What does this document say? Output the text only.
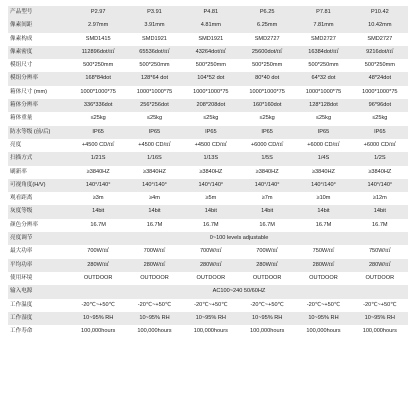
产品型号	P2.97	P3.91	P4.81	P6.25	P7.81	P10.42
像素间距	2.97mm	3.91mm	4.81mm	6.25mm	7.81mm	10.42mm
像素构成	SMD1415	SMD1921	SMD1921	SMD2727	SMD2727	SMD2727
像素密度	112896dot/㎡	65536dot/㎡	43264dot/㎡	25600dot/㎡	16384dot/㎡	9216dot/㎡
模组尺寸	500*250mm	500*250mm	500*250mm	500*250mm	500*250mm	500*250mm
模组分辨率	168*84dot	128*64 dot	104*52 dot	80*40 dot	64*32 dot	48*24dot
箱体尺寸 (mm)	1000*1000*75	1000*1000*75	1000*1000*75	1000*1000*75	1000*1000*75	1000*1000*75
箱体分辨率	336*336dot	256*256dot	208*208dot	160*160dot	128*128dot	96*96dot
箱体重量	≤25kg	≤25kg	≤25kg	≤25kg	≤25kg	≤25kg
防水等级 (前/后)	IP65	IP65	IP65	IP65	IP65	IP65
亮度	+4500 CD/㎡	+4500 CD/㎡	+4500 CD/㎡	+6000 CD/㎡	+6000 CD/㎡	+6000 CD/㎡
扫描方式	1/21S	1/16S	1/13S	1/5S	1/4S	1/2S
刷新率	≥3840HZ	≥3840HZ	≥3840HZ	≥3840HZ	≥3840HZ	≥3840HZ
可视角度(H/V)	140°/140°	140°/140°	140°/140°	140°/140°	140°/140°	140°/140°
观看距离	≥3m	≥4m	≥5m	≥7m	≥10m	≥12m
灰度等级	14bit	14bit	14bit	14bit	14bit	14bit
颜色分辨率	16.7M	16.7M	16.7M	16.7M	16.7M	16.7M
亮度调节	0~100 levels adjustable					
最大功率	700W/㎡	700W/㎡	700W/㎡	700W/㎡	750W/㎡	750W/㎡
平均功率	280W/㎡	280W/㎡	280W/㎡	280W/㎡	280W/㎡	280W/㎡
使用环境	OUTDOOR	OUTDOOR	OUTDOOR	OUTDOOR	OUTDOOR	OUTDOOR
输入电源	AC100~240 50/60HZ					
工作温度	-20℃~+50℃	-20℃~+50℃	-20℃~+50℃	-20℃~+50℃	-20℃~+50℃	-20℃~+50℃
工作湿度	10~95% RH	10~95% RH	10~95% RH	10~95% RH	10~95% RH	10~95% RH
工作寿命	100,000hours	100,000hours	100,000hours	100,000hours	100,000hours	100,000hours
